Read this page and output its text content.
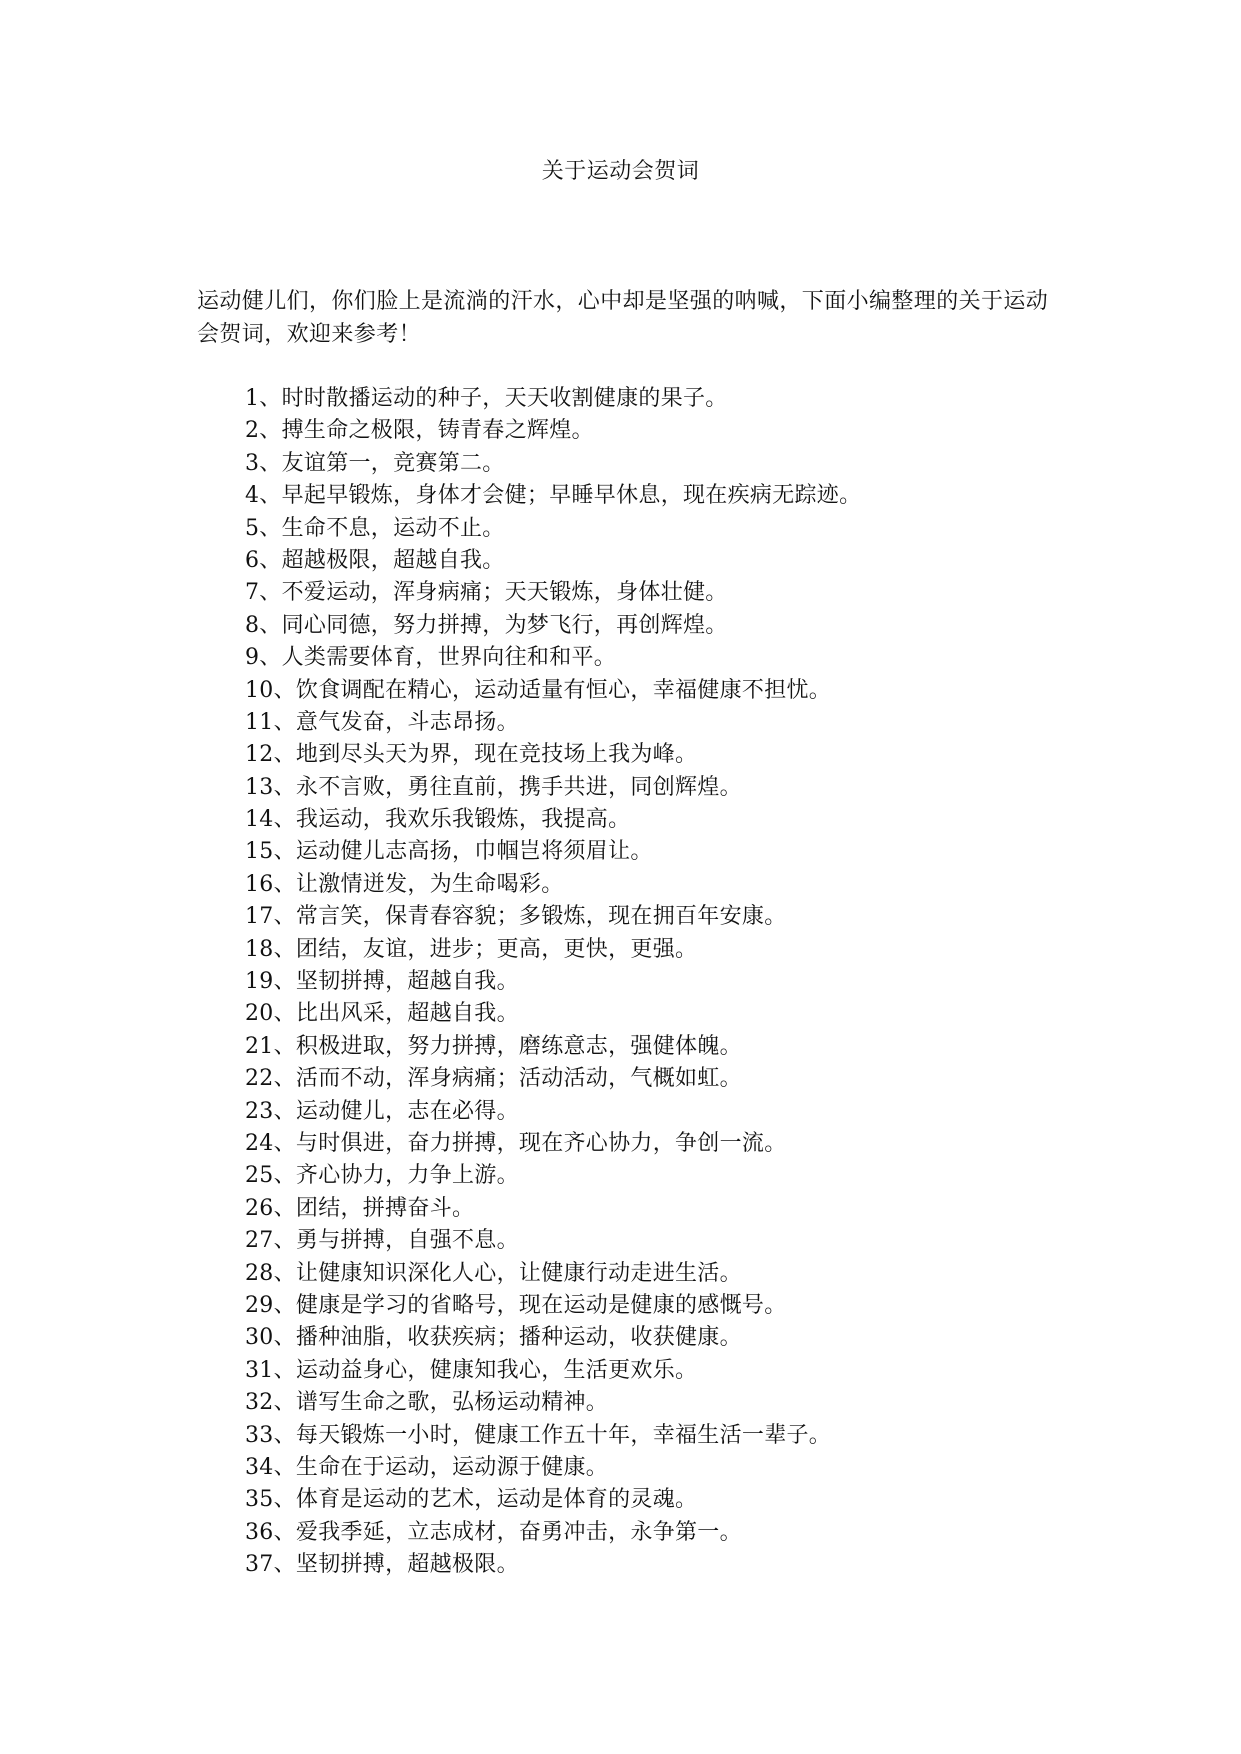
关于运动会贺词

运动健儿们，你们脸上是流淌的汗水，心中却是坚强的呐喊，下面小编整理的关于运动会贺词，欢迎来参考！

1、时时散播运动的种子，天天收割健康的果子。
2、搏生命之极限，铸青春之辉煌。
3、友谊第一，竞赛第二。
4、早起早锻炼，身体才会健；早睡早休息，现在疾病无踪迹。
5、生命不息，运动不止。
6、超越极限，超越自我。
7、不爱运动，浑身病痛；天天锻炼，身体壮健。
8、同心同德，努力拼搏，为梦飞行，再创辉煌。
9、人类需要体育，世界向往和和平。
10、饮食调配在精心，运动适量有恒心，幸福健康不担忧。
11、意气发奋，斗志昂扬。
12、地到尽头天为界，现在竞技场上我为峰。
13、永不言败，勇往直前，携手共进，同创辉煌。
14、我运动，我欢乐我锻炼，我提高。
15、运动健儿志高扬，巾帼岂将须眉让。
16、让激情迸发，为生命喝彩。
17、常言笑，保青春容貌；多锻炼，现在拥百年安康。
18、团结，友谊，进步；更高，更快，更强。
19、坚韧拼搏，超越自我。
20、比出风采，超越自我。
21、积极进取，努力拼搏，磨练意志，强健体魄。
22、活而不动，浑身病痛；活动活动，气概如虹。
23、运动健儿，志在必得。
24、与时俱进，奋力拼搏，现在齐心协力，争创一流。
25、齐心协力，力争上游。
26、团结，拼搏奋斗。
27、勇与拼搏，自强不息。
28、让健康知识深化人心，让健康行动走进生活。
29、健康是学习的省略号，现在运动是健康的感慨号。
30、播种油脂，收获疾病；播种运动，收获健康。
31、运动益身心，健康知我心，生活更欢乐。
32、谱写生命之歌，弘杨运动精神。
33、每天锻炼一小时，健康工作五十年，幸福生活一辈子。
34、生命在于运动，运动源于健康。
35、体育是运动的艺术，运动是体育的灵魂。
36、爱我季延，立志成材，奋勇冲击，永争第一。
37、坚韧拼搏，超越极限。
